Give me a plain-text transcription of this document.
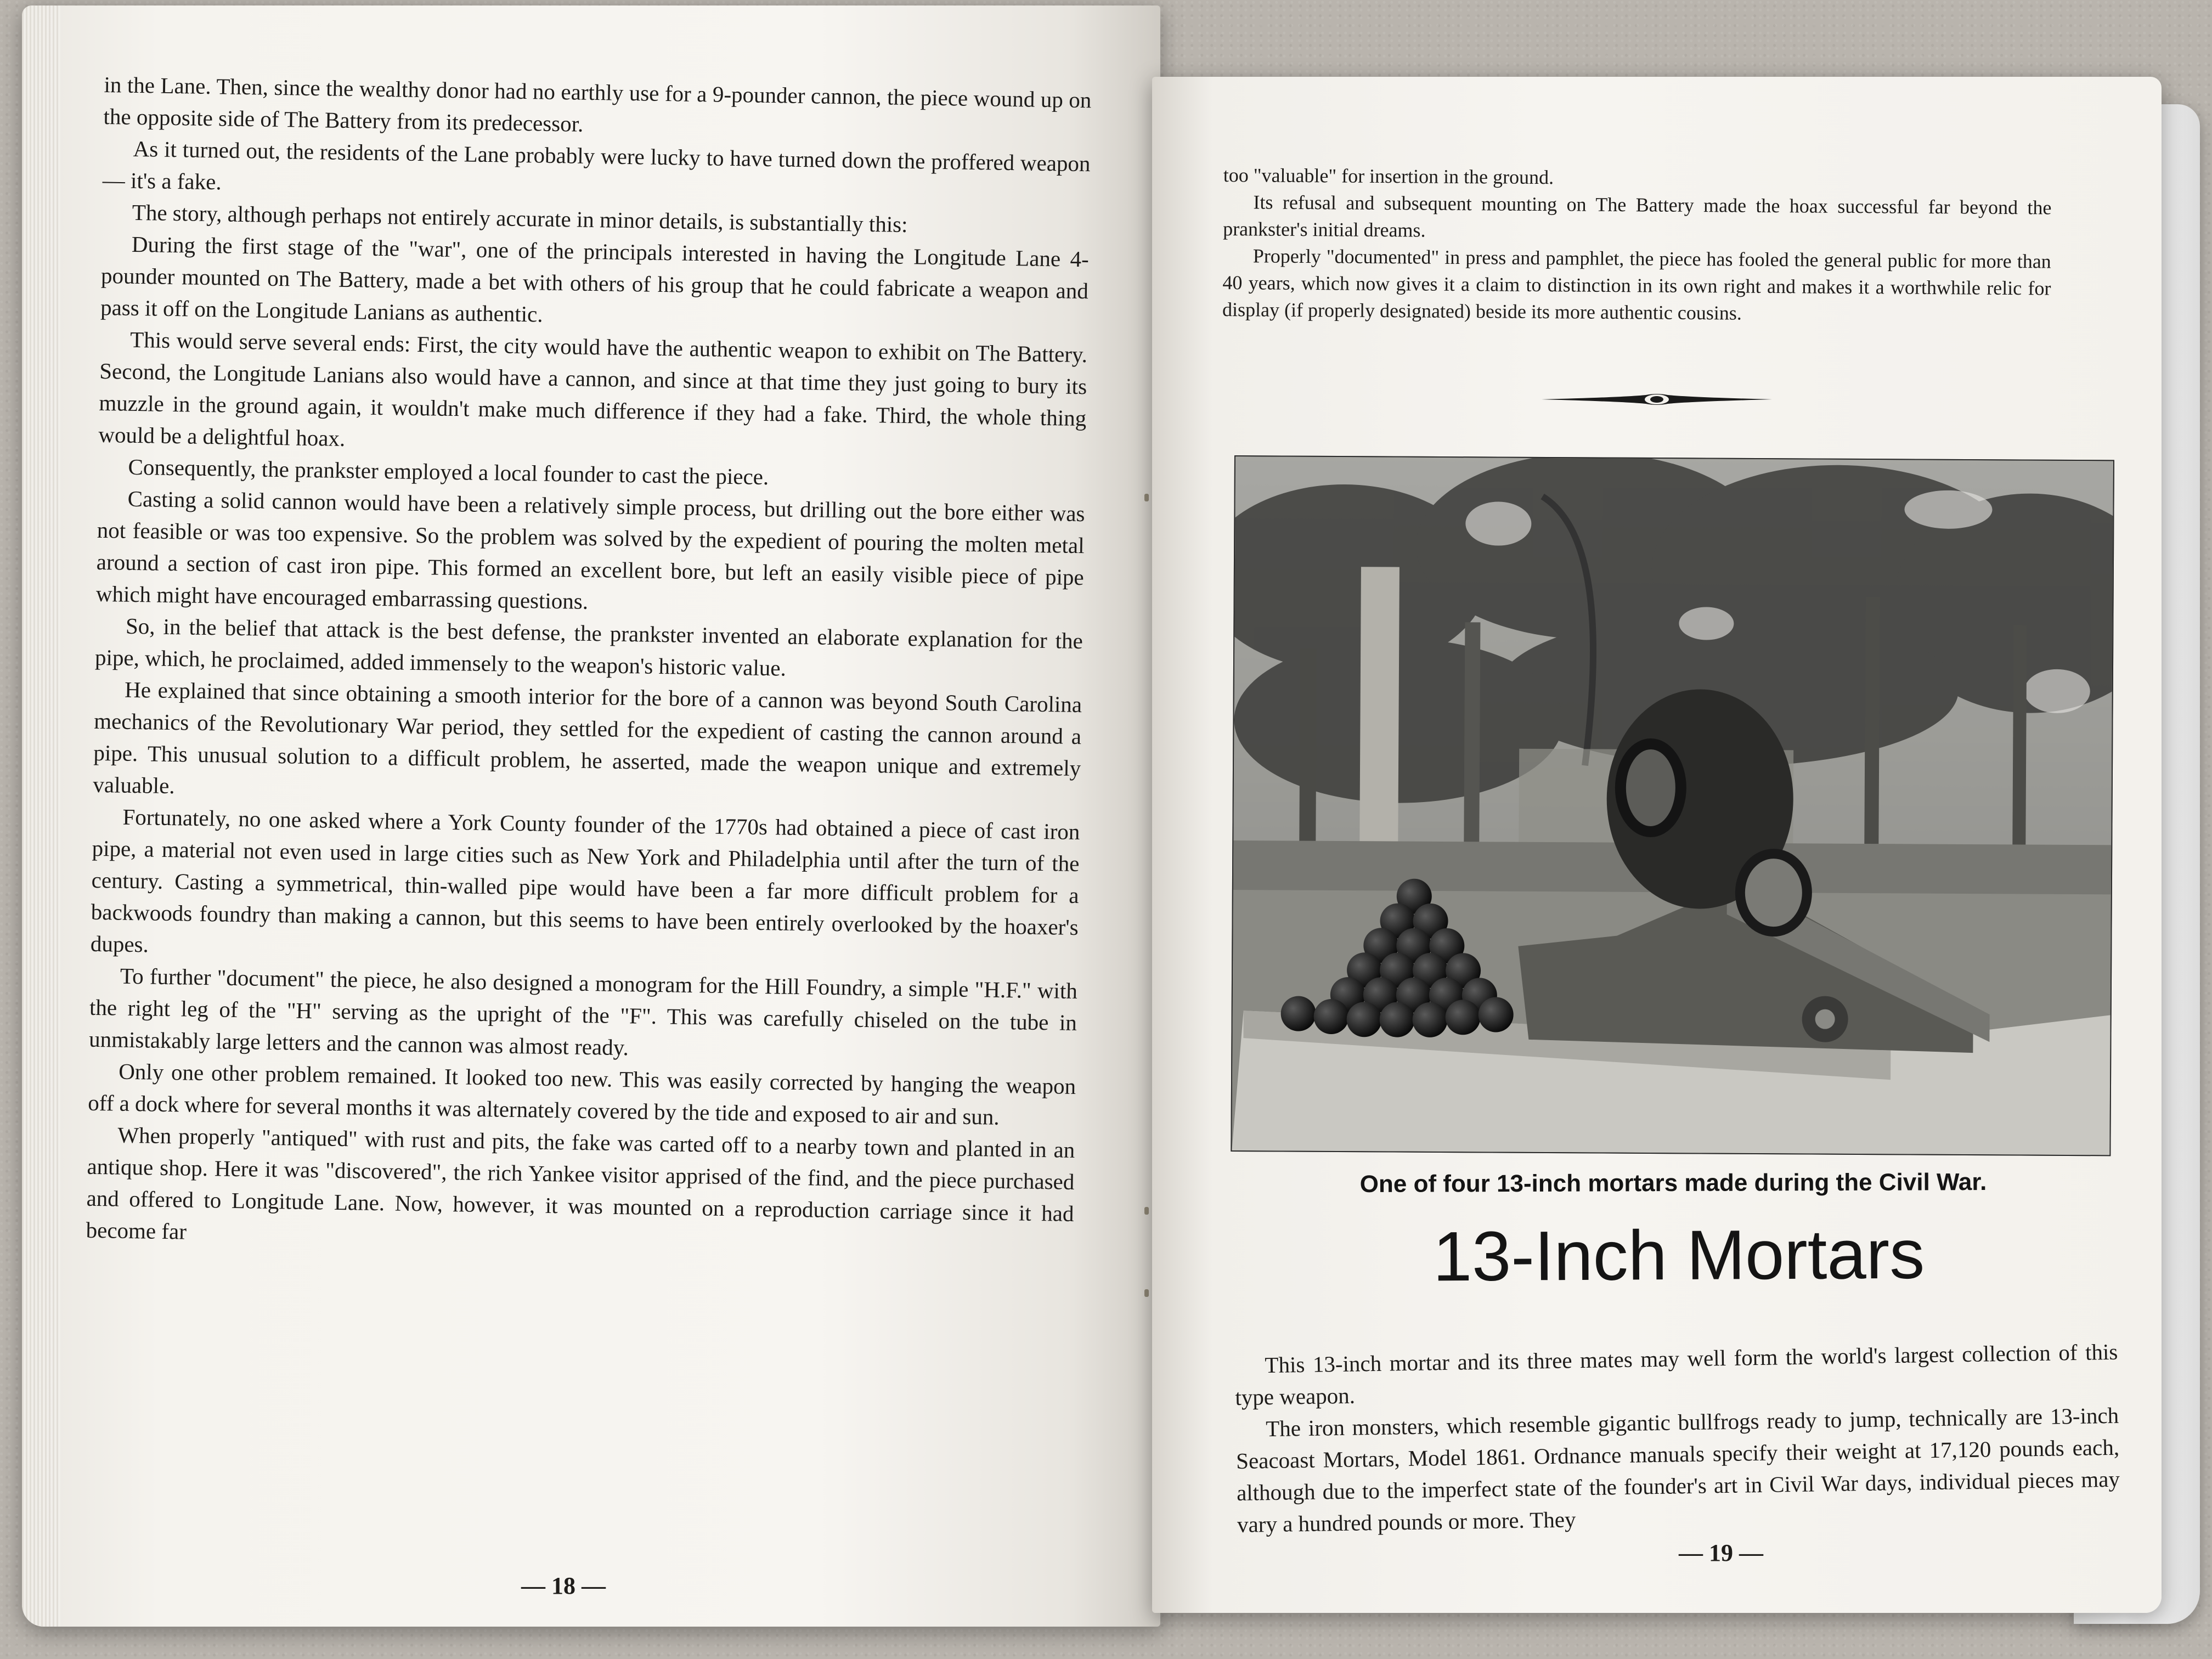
in the Lane. Then, since the wealthy donor had no earthly use for a 9-pounder cannon, the piece wound up on the opposite side of The Battery from its predecessor.

As it turned out, the residents of the Lane probably were lucky to have turned down the proffered weapon — it's a fake.

The story, although perhaps not entirely accurate in minor details, is substantially this:

During the first stage of the "war", one of the principals interested in having the Longitude Lane 4-pounder mounted on The Battery, made a bet with others of his group that he could fabricate a weapon and pass it off on the Longitude Lanians as authentic.

This would serve several ends: First, the city would have the authentic weapon to exhibit on The Battery. Second, the Longitude Lanians also would have a cannon, and since at that time they just going to bury its muzzle in the ground again, it wouldn't make much difference if they had a fake. Third, the whole thing would be a delightful hoax.

Consequently, the prankster employed a local founder to cast the piece.

Casting a solid cannon would have been a relatively simple process, but drilling out the bore either was not feasible or was too expensive. So the problem was solved by the expedient of pouring the molten metal around a section of cast iron pipe. This formed an excellent bore, but left an easily visible piece of pipe which might have encouraged embarrassing questions.

So, in the belief that attack is the best defense, the prankster invented an elaborate explanation for the pipe, which, he proclaimed, added immensely to the weapon's historic value.

He explained that since obtaining a smooth interior for the bore of a cannon was beyond South Carolina mechanics of the Revolutionary War period, they settled for the expedient of casting the cannon around a pipe. This unusual solution to a difficult problem, he asserted, made the weapon unique and extremely valuable.

Fortunately, no one asked where a York County founder of the 1770s had obtained a piece of cast iron pipe, a material not even used in large cities such as New York and Philadelphia until after the turn of the century. Casting a symmetrical, thin-walled pipe would have been a far more difficult problem for a backwoods foundry than making a cannon, but this seems to have been entirely overlooked by the hoaxer's dupes.

To further "document" the piece, he also designed a monogram for the Hill Foundry, a simple "H.F." with the right leg of the "H" serving as the upright of the "F". This was carefully chiseled on the tube in unmistakably large letters and the cannon was almost ready.

Only one other problem remained. It looked too new. This was easily corrected by hanging the weapon off a dock where for several months it was alternately covered by the tide and exposed to air and sun.

When properly "antiqued" with rust and pits, the fake was carted off to a nearby town and planted in an antique shop. Here it was "discovered", the rich Yankee visitor apprised of the find, and the piece purchased and offered to Longitude Lane. Now, however, it was mounted on a reproduction carriage since it had become far

— 18 —

too "valuable" for insertion in the ground.

Its refusal and subsequent mounting on The Battery made the hoax successful far beyond the prankster's initial dreams.

Properly "documented" in press and pamphlet, the piece has fooled the general public for more than 40 years, which now gives it a claim to distinction in its own right and makes it a worthwhile relic for display (if properly designated) beside its more authentic cousins.

One of four 13-inch mortars made during the Civil War.
13-Inch Mortars

This 13-inch mortar and its three mates may well form the world's largest collection of this type weapon.

The iron monsters, which resemble gigantic bullfrogs ready to jump, technically are 13-inch Seacoast Mortars, Model 1861. Ordnance manuals specify their weight at 17,120 pounds each, although due to the imperfect state of the founder's art in Civil War days, individual pieces may vary a hundred pounds or more. They

— 19 —
